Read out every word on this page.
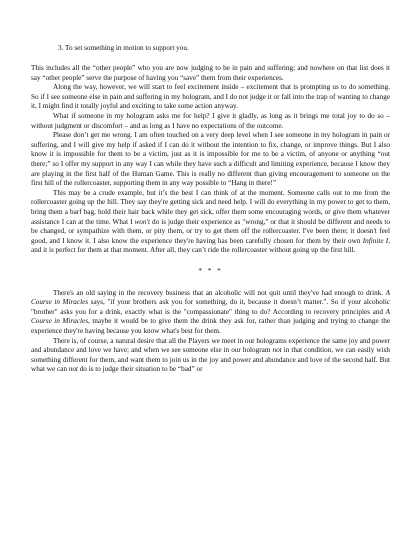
3. To set something in motion to support you.

This includes all the “other people” who you are now judging to be in pain and suffering; and nowhere on that list does it say “other people” serve the purpose of having you “save” them from their experiences.

Along the way, however, we will start to feel excitement inside – excitement that is prompting us to do something. So if I see someone else in pain and suffering in my hologram, and I do not judge it or fall into the trap of wanting to change it, I might find it totally joyful and exciting to take some action anyway.

What if someone in my hologram asks me for help? I give it gladly, as long as it brings me total joy to do so – without judgment or discomfort – and as long as I have no expectations of the outcome.

Please don’t get me wrong. I am often touched on a very deep level when I see someone in my hologram in pain or suffering, and I will give my help if asked if I can do it without the intention to fix, change, or improve things. But I also know it is impossible for them to be a victim, just as it is impossible for me to be a victim, of anyone or anything “out there;” so I offer my support in any way I can while they have such a difficult and limiting experience, because I know they are playing in the first half of the Human Game. This is really no different than giving encouragement to someone on the first hill of the rollercoaster, supporting them in any way possible to “Hang in there!”

This may be a crude example, but it’s the best I can think of at the moment. Someone calls out to me from the rollercoaster going up the hill. They say they're getting sick and need help. I will do everything in my power to get to them, bring them a barf bag, hold their hair back while they get sick, offer them some encouraging words, or give them whatever assistance I can at the time. What I won't do is judge their experience as "wrong," or that it should be different and needs to be changed, or sympathize with them, or pity them, or try to get them off the rollercoaster. I've been there; it doesn't feel good, and I know it. I also know the experience they're having has been carefully chosen for them by their own Infinite I, and it is perfect for them at that moment. After all, they can’t ride the rollercoaster without going up the first hill.

* * *

There's an old saying in the recovery business that an alcoholic will not quit until they've had enough to drink. A Course in Miracles says, "if your brothers ask you for something, do it, because it doesn’t matter.". So if your alcoholic "brother" asks you for a drink, exactly what is the "compassionate" thing to do? According to recovery principles and A Course in Miracles, maybe it would be to give them the drink they ask for, rather than judging and trying to change the experience they're having because you know what's best for them.

There is, of course, a natural desire that all the Players we meet in our holograms experience the same joy and power and abundance and love we have; and when we see someone else in our hologram not in that condition, we can easily wish something different for them, and want them to join us in the joy and power and abundance and love of the second half. But what we can not do is to judge their situation to be “bad” or
